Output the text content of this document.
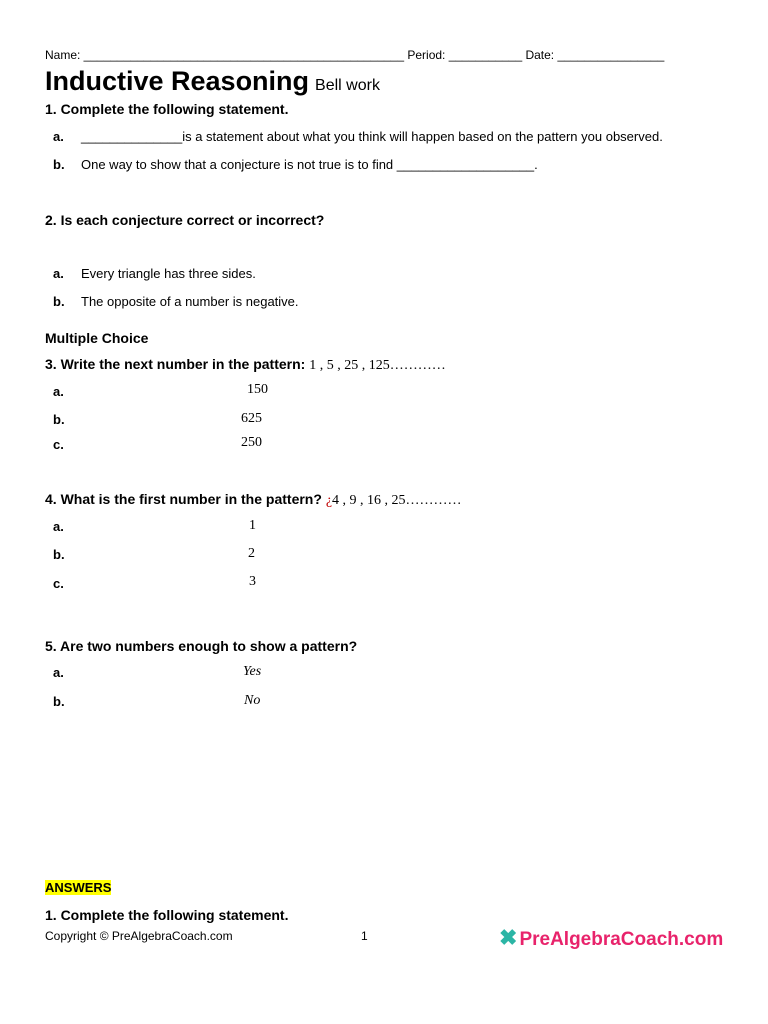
Name: ________________________________________________ Period: ___________ Date: ________________
Inductive Reasoning Bell work
1. Complete the following statement.
a. ______________is a statement about what you think will happen based on the pattern you observed.
b. One way to show that a conjecture is not true is to find ___________________.
2. Is each conjecture correct or incorrect?
a. Every triangle has three sides.
b. The opposite of a number is negative.
Multiple Choice
3. Write the next number in the pattern: 1 , 5 , 25 , 125…………
a.	150
b.	625
c.	250
4. What is the first number in the pattern? ¿4 , 9 , 16 , 25…………
a.	1
b.	2
c.	3
5. Are two numbers enough to show a pattern?
a.	Yes
b.	No
ANSWERS
1. Complete the following statement.
Copyright © PreAlgebraCoach.com	1	✖ PreAlgebraCoach.com
